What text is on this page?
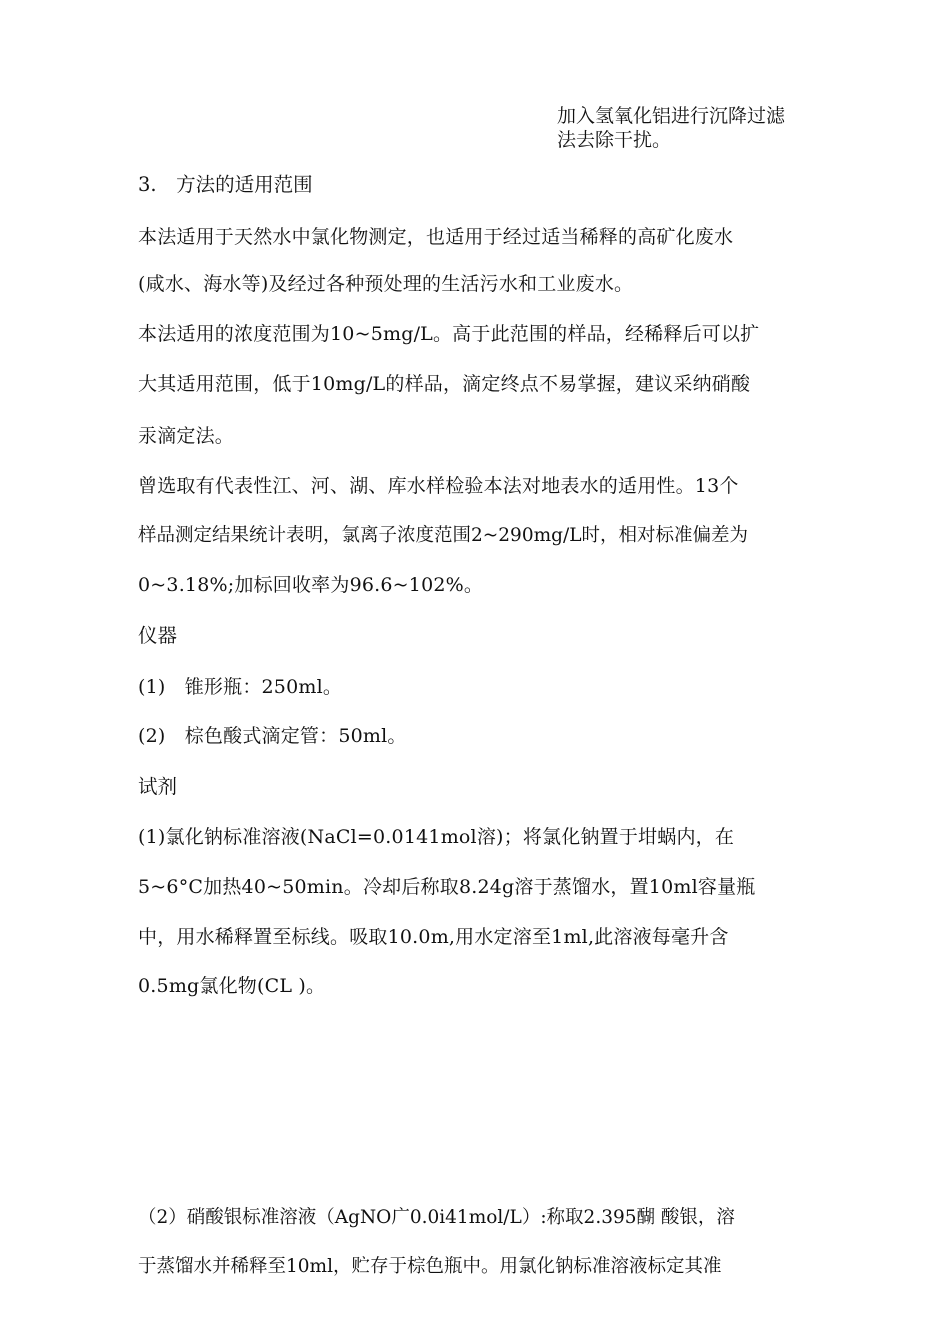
加入氢氧化铝进行沉降过滤
法去除干扰。
3.　方法的适用范围
本法适用于天然水中氯化物测定，也适用于经过适当稀释的高矿化废水
(咸水、海水等)及经过各种预处理的生活污水和工业废水。
本法适用的浓度范围为10~5mg/L。高于此范围的样品，经稀释后可以扩
大其适用范围，低于10mg/L的样品，滴定终点不易掌握，建议采纳硝酸
汞滴定法。
曾选取有代表性江、河、湖、库水样检验本法对地表水的适用性。13个
样品测定结果统计表明，氯离子浓度范围2~290mg/L时，相对标准偏差为
0~3.18%;加标回收率为96.6~102%。
仪器
(1)　锥形瓶：250ml。
(2)　棕色酸式滴定管：50ml。
试剂
(1)氯化钠标准溶液(NaCl=0.0141mol溶)；将氯化钠置于坩蜗内，在
5~6°C加热40~50min。冷却后称取8.24g溶于蒸馏水，置10ml容量瓶
中，用水稀释置至标线。吸取10.0m,用水定溶至1ml,此溶液每毫升含
0.5mg氯化物(CL )。
（2）硝酸银标准溶液（AgNO广0.0i41mol/L）:称取2.395醐 酸银，溶
于蒸馏水并稀释至10ml，贮存于棕色瓶中。用氯化钠标准溶液标定其准
